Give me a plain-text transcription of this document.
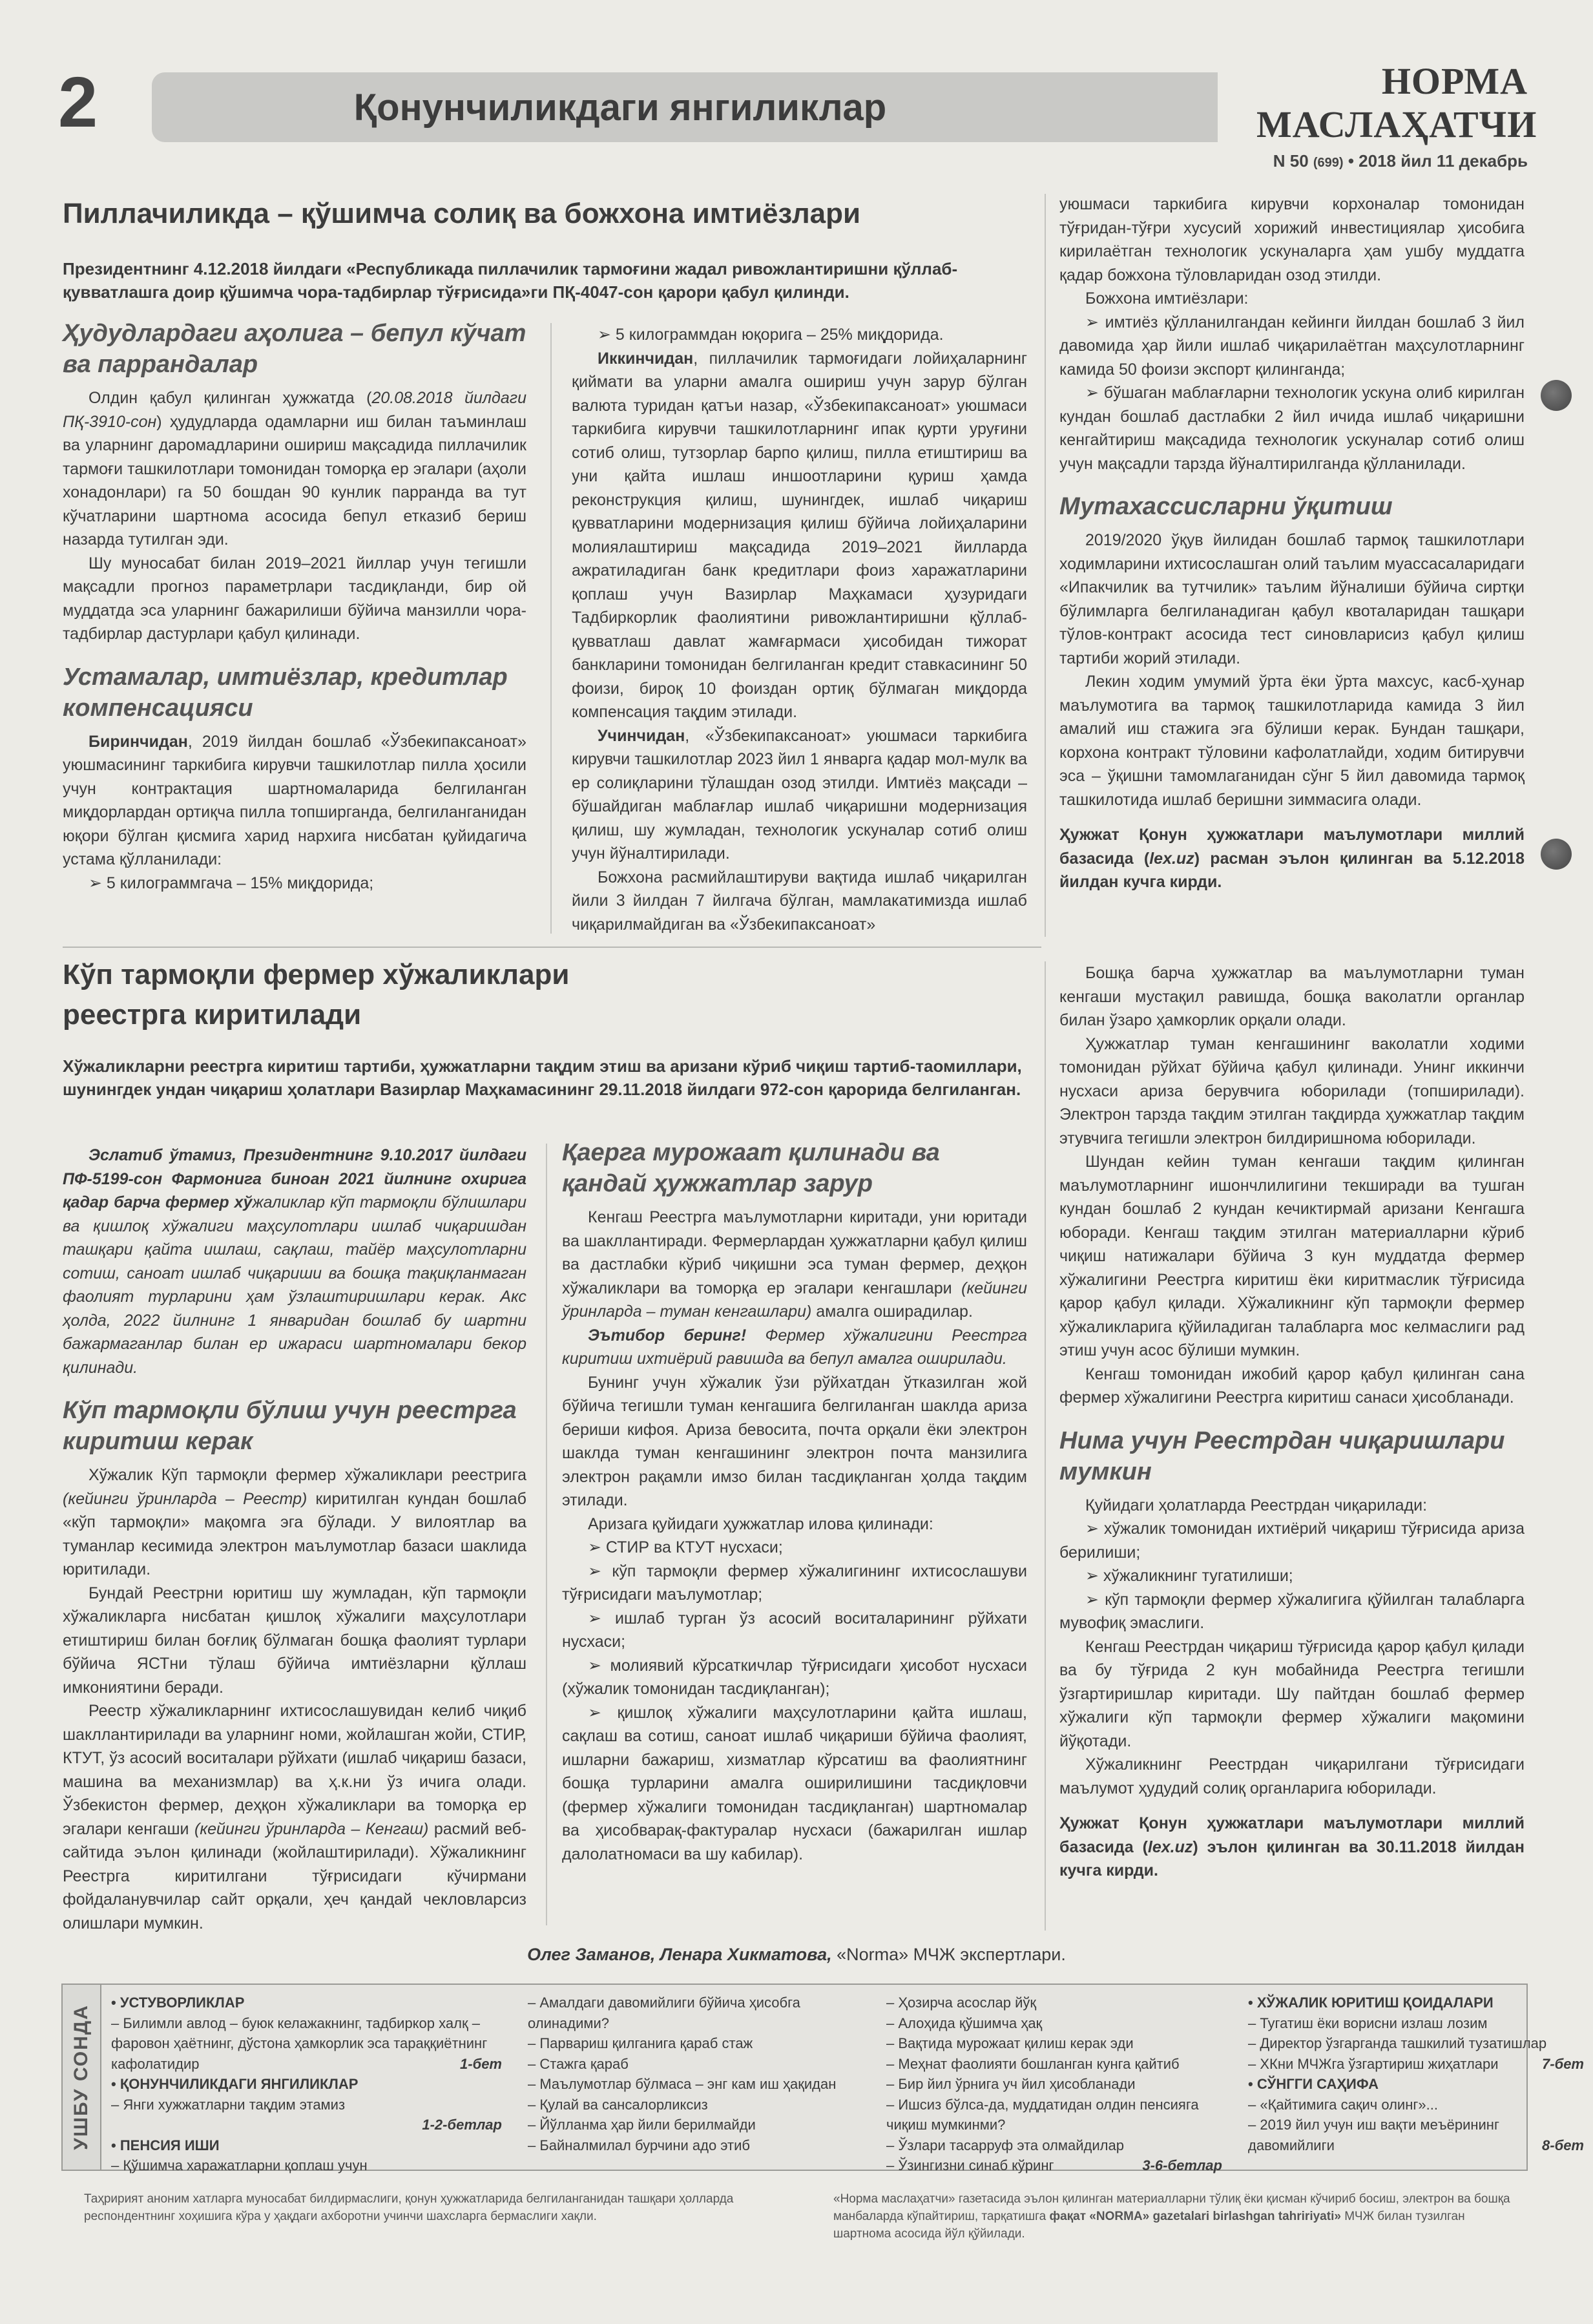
2	Қонунчиликдаги янгиликлар
НОРМА МАСЛАҲАТЧИ
N 50 (699) • 2018 йил 11 декабрь
Пиллачиликда – қўшимча солиқ ва божхона имтиёзлари
Президентнинг 4.12.2018 йилдаги «Республикада пиллачилик тармоғини жадал ривожлантиришни қўллаб-қувватлашга доир қўшимча чора-тадбирлар тўғрисида»ги ПҚ-4047-сон қарори қабул қилинди.
Ҳудудлардаги аҳолига – бепул кўчат ва паррандалар

Олдин қабул қилинган ҳужжатда (20.08.2018 йилдаги ПҚ-3910-сон) ҳудудларда одамларни иш билан таъминлаш ва уларнинг даромадларини ошириш мақсадида пиллачилик тармоғи ташкилотлари томонидан томорқа ер эгалари (аҳоли хонадонлари) га 50 бошдан 90 кунлик паррандa ва тут кўчатларини шартнома асосида бепул етказиб бериш назарда тутилган эди.

Шу муносабат билан 2019–2021 йиллар учун тегишли мақсадли прогноз параметрлари тасдиқланди, бир ой муддатда эса уларнинг бажарилиши бўйича манзилли чора-тадбирлар дастурлари қабул қилинади.

Устамалар, имтиёзлар, кредитлар компенсацияси

Биринчидан, 2019 йилдан бошлаб «Ўзбекипаксаноат» уюшмасининг таркибига кирувчи ташкилотлар пилла ҳосили учун контрактация шартномаларида белгиланган миқдорлардан ортиқча пилла топширганда, белгиланганидан юқори бўлган қисмига харид нархига нисбатан қуйидагича устама қўлланилади:

➢ 5 килограммгача – 15% миқдорида;

➢ 5 килограммдан юқорига – 25% миқдорида.

Иккинчидан, пиллачилик тармоғидаги лойиҳаларнинг қиймати ва уларни амалга ошириш учун зарур бўлган валюта туридан қатъи назар, «Ўзбекипаксаноат» уюшмаси таркибига кирувчи ташкилотларнинг ипак қурти уруғини сотиб олиш, тутзорлар барпо қилиш, пилла етиштириш ва уни қайта ишлаш иншоотларини қуриш ҳамда реконструкция қилиш, шунингдек, ишлаб чиқариш қувватларини модернизация қилиш бўйича лойиҳаларини молиялаштириш мақсадида 2019–2021 йилларда ажратиладиган банк кредитлари фоиз харажатларини қоплаш учун Вазирлар Маҳкамаси ҳузуридаги Тадбиркорлик фаолиятини ривожлантиришни қўллаб-қувватлаш давлат жамғармаси ҳисобидан тижорат банкларини томонидан белгиланган кредит ставкасининг 50 фоизи, бироқ 10 фоиздан ортиқ бўлмаган миқдорда компенсация тақдим этилади.

Учинчидан, «Ўзбекипаксаноат» уюшмаси таркибига кирувчи ташкилотлар 2023 йил 1 январга қадар мол-мулк ва ер солиқларини тўлашдан озод этилди. Имтиёз мақсади – бўшайдиган маблағлар ишлаб чиқаришни модернизация қилиш, шу жумладан, технологик ускуналар сотиб олиш учун йўналтирилади.

Божхона расмийлаштируви вақтида ишлаб чиқарилган йили 3 йилдан 7 йилгача бўлган, мамлакатимизда ишлаб чиқарилмайдиган ва «Ўзбекипаксаноат»

уюшмаси таркибига кирувчи корхоналар томонидан тўғридан-тўғри хусусий хорижий инвестициялар ҳисобига кирилаётган технологик ускуналарга ҳам ушбу муддатга қадар божхона тўловларидан озод этилди.

Божхона имтиёзлари:

➢ имтиёз қўлланилгандан кейинги йилдан бошлаб 3 йил давомида ҳар йили ишлаб чиқарилаётган маҳсулотларнинг камида 50 фоизи экспорт қилинганда;

➢ бўшаган маблағларни технологик ускуна олиб кирилган кундан бошлаб дастлабки 2 йил ичида ишлаб чиқаришни кенгайтириш мақсадида технологик ускуналар сотиб олиш учун мақсадли тарзда йўналтирилганда қўлланилади.

Мутахассисларни ўқитиш

2019/2020 ўқув йилидан бошлаб тармоқ ташкилотлари ходимларини ихтисослашган олий таълим муассасаларидаги «Ипакчилик ва тутчилик» таълим йўналиши бўйича сиртқи бўлимларга белгиланадиган қабул квоталаридан ташқари тўлов-контракт асосида тест синовларисиз қабул қилиш тартиби жорий этилади.

Лекин ходим умумий ўрта ёки ўрта махсус, касб-ҳунар маълумотига ва тармоқ ташкилотларида камида 3 йил амалий иш стажига эга бўлиши керак. Бундан ташқари, корхона контракт тўловини кафолатлайди, ходим битирувчи эса – ўқишни тамомлаганидан сўнг 5 йил давомида тармоқ ташкилотида ишлаб беришни зиммасига олади.

Ҳужжат Қонун ҳужжатлари маълумотлари миллий базасида (lex.uz) расман эълон қилинган ва 5.12.2018 йилдан кучга кирди.

Кўп тармоқли фермер хўжаликлари
реестрга киритилади
Хўжаликларни реестрга киритиш тартиби, ҳужжатларни тақдим этиш ва аризани кўриб чиқиш тартиб-таомиллари, шунингдек ундан чиқариш ҳолатлари Вазирлар Маҳкамасининг 29.11.2018 йилдаги 972-сон қарорида белгиланган.

Эслатиб ўтамиз, Президентнинг 9.10.2017 йилдаги ПФ-5199-сон Фармонига биноан 2021 йилнинг охирига қадар барча фермер хўжаликлар кўп тармоқли бўлишлари ва қишлоқ хўжалиги маҳсулотлари ишлаб чиқаришдан ташқари қайта ишлаш, сақлаш, тайёр маҳсулотларни сотиш, саноат ишлаб чиқариши ва бошқа тақиқланмаган фаолият турларини ҳам ўзлаштиришлари керак. Акс ҳолда, 2022 йилнинг 1 январидан бошлаб бу шартни бажармаганлар билан ер ижараси шартномалари бекор қилинади.

Кўп тармоқли бўлиш учун реестрга киритиш керак

Хўжалик Кўп тармоқли фермер хўжаликлари реестрига (кейинги ўринларда – Реестр) киритилган кундан бошлаб «кўп тармоқли» мақомга эга бўлади. У вилоятлар ва туманлар кесимида электрон маълумотлар базаси шаклида юритилади.

Бундай Реестрни юритиш шу жумладан, кўп тармоқли хўжаликларга нисбатан қишлоқ хўжалиги маҳсулотлари етиштириш билан боғлиқ бўлмаган бошқа фаолият турлари бўйича ЯСТни тўлаш бўйича имтиёзларни қўллаш имкониятини беради.

Реестр хўжаликларнинг ихтисослашувидан келиб чиқиб шакллантирилади ва уларнинг номи, жойлашган жойи, СТИР, КТУТ, ўз асосий воситалари рўйхати (ишлаб чиқариш базаси, машина ва механизмлар) ва ҳ.к.ни ўз ичига олади. Ўзбекистон фермер, деҳқон хўжаликлари ва томорқа ер эгалари кенгаши (кейинги ўринларда – Кенгаш) расмий веб-сайтида эълон қилинади (жойлаштирилади). Хўжаликнинг Реестрга киритилгани тўғрисидаги кўчирмани фойдаланувчилар сайт орқали, ҳеч қандай чекловларсиз олишлари мумкин.

Қаерга мурожаат қилинади ва қандай ҳужжатлар зарур

Кенгаш Реестрга маълумотларни киритади, уни юритади ва шакллантиради. Фермерлардан ҳужжатларни қабул қилиш ва дастлабки кўриб чиқишни эса туман фермер, деҳқон хўжаликлари ва томорқа ер эгалари кенгашлари (кейинги ўринларда – туман кенгашлари) амалга оширадилар.

Эътибор беринг! Фермер хўжалигини Реестрга киритиш ихтиёрий равишда ва бепул амалга оширилади.

Бунинг учун хўжалик ўзи рўйхатдан ўтказилган жой бўйича тегишли туман кенгашига белгиланган шаклда ариза бериши кифоя. Ариза бевосита, почта орқали ёки электрон шаклда туман кенгашининг электрон почта манзилига электрон рақамли имзо билан тасдиқланган ҳолда тақдим этилади.

Аризага қуйидаги ҳужжатлар илова қилинади:

➢ СТИР ва КТУТ нусхаси;

➢ кўп тармоқли фермер хўжалигининг ихтисослашуви тўғрисидаги маълумотлар;

➢ ишлаб турган ўз асосий воситаларининг рўйхати нусхаси;

➢ молиявий кўрсаткичлар тўғрисидаги ҳисобот нусхаси (хўжалик томонидан тасдиқланган);

➢ қишлоқ хўжалиги маҳсулотларини қайта ишлаш, сақлаш ва сотиш, саноат ишлаб чиқариши бўйича фаолият, ишларни бажариш, хизматлар кўрсатиш ва фаолиятнинг бошқа турларини амалга оширилишини тасдиқловчи (фермер хўжалиги томонидан тасдиқланган) шартномалар ва ҳисобварақ-фактуралар нусхаси (бажарилган ишлар далолатномаси ва шу кабилар).

Бошқа барча ҳужжатлар ва маълумотларни туман кенгаши мустақил равишда, бошқа ваколатли органлар билан ўзаро ҳамкорлик орқали олади.

Ҳужжатлар туман кенгашининг ваколатли ходими томонидан рўйхат бўйича қабул қилинади. Унинг иккинчи нусхаси ариза берувчига юборилади (топширилади). Электрон тарзда тақдим этилган тақдирда ҳужжатлар тақдим этувчига тегишли электрон билдиришнома юборилади.

Шундан кейин туман кенгаши тақдим қилинган маълумотларнинг ишончлилигини текширади ва тушган кундан бошлаб 2 кундан кечиктирмай аризани Кенгашга юборади. Кенгаш тақдим этилган материалларни кўриб чиқиш натижалари бўйича 3 кун муддатда фермер хўжалигини Реестрга киритиш ёки киритмаслик тўғрисида қарор қабул қилади. Хўжаликнинг кўп тармоқли фермер хўжаликларига қўйиладиган талабларга мос келмаслиги рад этиш учун асос бўлиши мумкин.

Кенгаш томонидан ижобий қарор қабул қилинган сана фермер хўжалигини Реестрга киритиш санаси ҳисобланади.

Нима учун Реестрдан чиқаришлари мумкин

Қуйидаги ҳолатларда Реестрдан чиқарилади:

➢ хўжалик томонидан ихтиёрий чиқариш тўғрисида ариза берилиши;

➢ хўжаликнинг тугатилиши;

➢ кўп тармоқли фермер хўжалигига қўйилган талабларга мувофиқ эмаслиги.

Кенгаш Реестрдан чиқариш тўғрисида қарор қабул қилади ва бу тўғрида 2 кун мобайнида Реестрга тегишли ўзгартиришлар киритади. Шу пайтдан бошлаб фермер хўжалиги кўп тармоқли фермер хўжалиги мақомини йўқотади.

Хўжаликнинг Реестрдан чиқарилгани тўғрисидаги маълумот ҳудудий солиқ органларига юборилади.

Ҳужжат Қонун ҳужжатлари маълумотлари миллий базасида (lex.uz) эълон қилинган ва 30.11.2018 йилдан кучга кирди.

Олег Заманов, Ленара Хикматова, «Norma» МЧЖ экспертлари.
УШБУ СОНДА
• УСТУВОРЛИКЛАР
– Билимли авлод – буюк келажакнинг, тадбиркор халқ – фаровон ҳаётнинг, дўстона ҳамкорлик эса тараққиётнинг кафолатидир	1-бет
• ҚОНУНЧИЛИКДАГИ ЯНГИЛИКЛАР
– Янги хужжатларни тақдим этамиз
1-2-бетлар
• ПЕНСИЯ ИШИ
– Қўшимча харажатларни қоплаш учун
– Амалдаги давомийлиги бўйича ҳисобга олинадими?
– Парвариш қилганига қараб стаж
– Стажга қараб
– Маълумотлар бўлмаса – энг кам иш ҳақидан
– Қулай ва сансалорликсиз
– Йўлланма ҳар йили берилмайди
– Байналмилал бурчини адо этиб
– Ҳозирча асослар йўқ
– Алоҳида қўшимча ҳақ
– Вақтида мурожаат қилиш керак эди
– Меҳнат фаолияти бошланган кунга қайтиб
– Бир йил ўрнига уч йил ҳисобланади
– Ишсиз бўлса-да, муддатидан олдин пенсияга чиқиш мумкинми?
– Ўзлари тасарруф эта олмайдилар
– Ўзингизни синаб кўринг	3-6-бетлар
• ХЎЖАЛИК ЮРИТИШ ҚОИДАЛАРИ
– Тугатиш ёки ворисни излаш лозим
– Директор ўзгарганда ташкилий тузатишлар
– ХКни МЧЖга ўзгартириш жиҳатлари	7-бет
• СЎНГГИ САҲИФА
– «Қайтимига сақич олинг»...
– 2019 йил учун иш вақти меъёрининг давомийлиги	8-бет
Таҳририят аноним хатларга муносабат билдирмаслиги, қонун ҳужжатларида белгиланганидан ташқари ҳолларда респондентнинг хоҳишига кўра у ҳақдаги ахборотни учинчи шахсларга бермаслиги хақли.
«Норма маслаҳатчи» газетасида эълон қилинган материалларни тўлиқ ёки қисман кўчириб босиш, электрон ва бошқа манбаларда кўпайтириш, тарқатишга фақат «NORMA» gazetalari birlashgan tahririyati» МЧЖ билан тузилган шартнома асосида йўл қўйилади.
